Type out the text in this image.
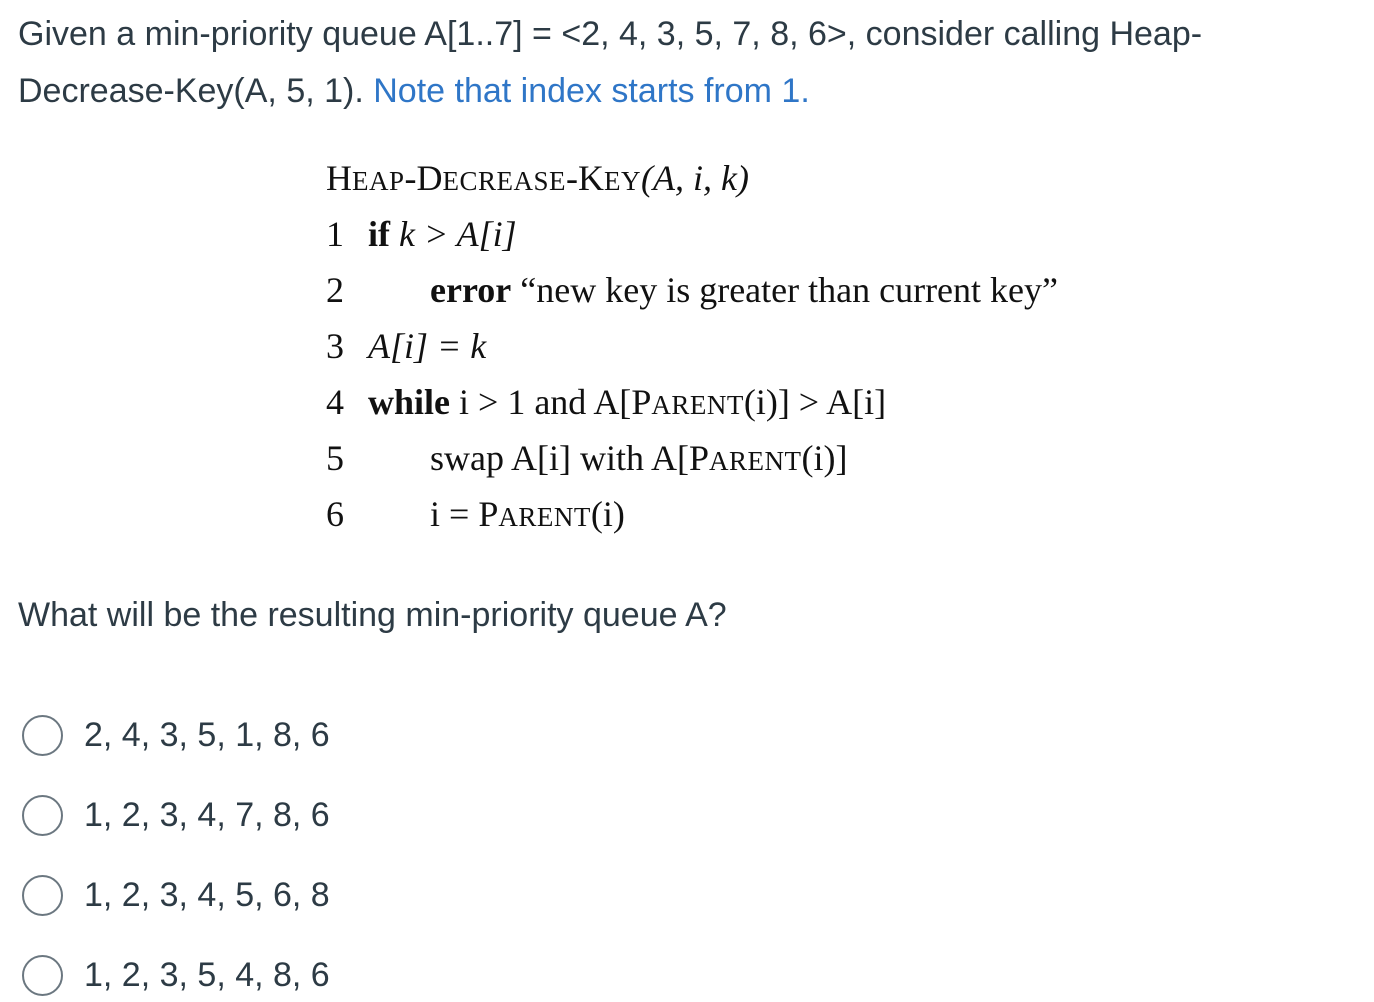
Given a min-priority queue A[1..7] = <2, 4, 3, 5, 7, 8, 6>, consider calling Heap-
Decrease-Key(A, 5, 1). Note that index starts from 1.
HEAP-DECREASE-KEY(A, i, k)
1 if k > A[i]
2 error “new key is greater than current key”
3 A[i] = k
4 while i > 1 and A[PARENT(i)] > A[i]
5 swap A[i] with A[PARENT(i)]
6 i = PARENT(i)
What will be the resulting min-priority queue A?
2, 4, 3, 5, 1, 8, 6
1, 2, 3, 4, 7, 8, 6
1, 2, 3, 4, 5, 6, 8
1, 2, 3, 5, 4, 8, 6
